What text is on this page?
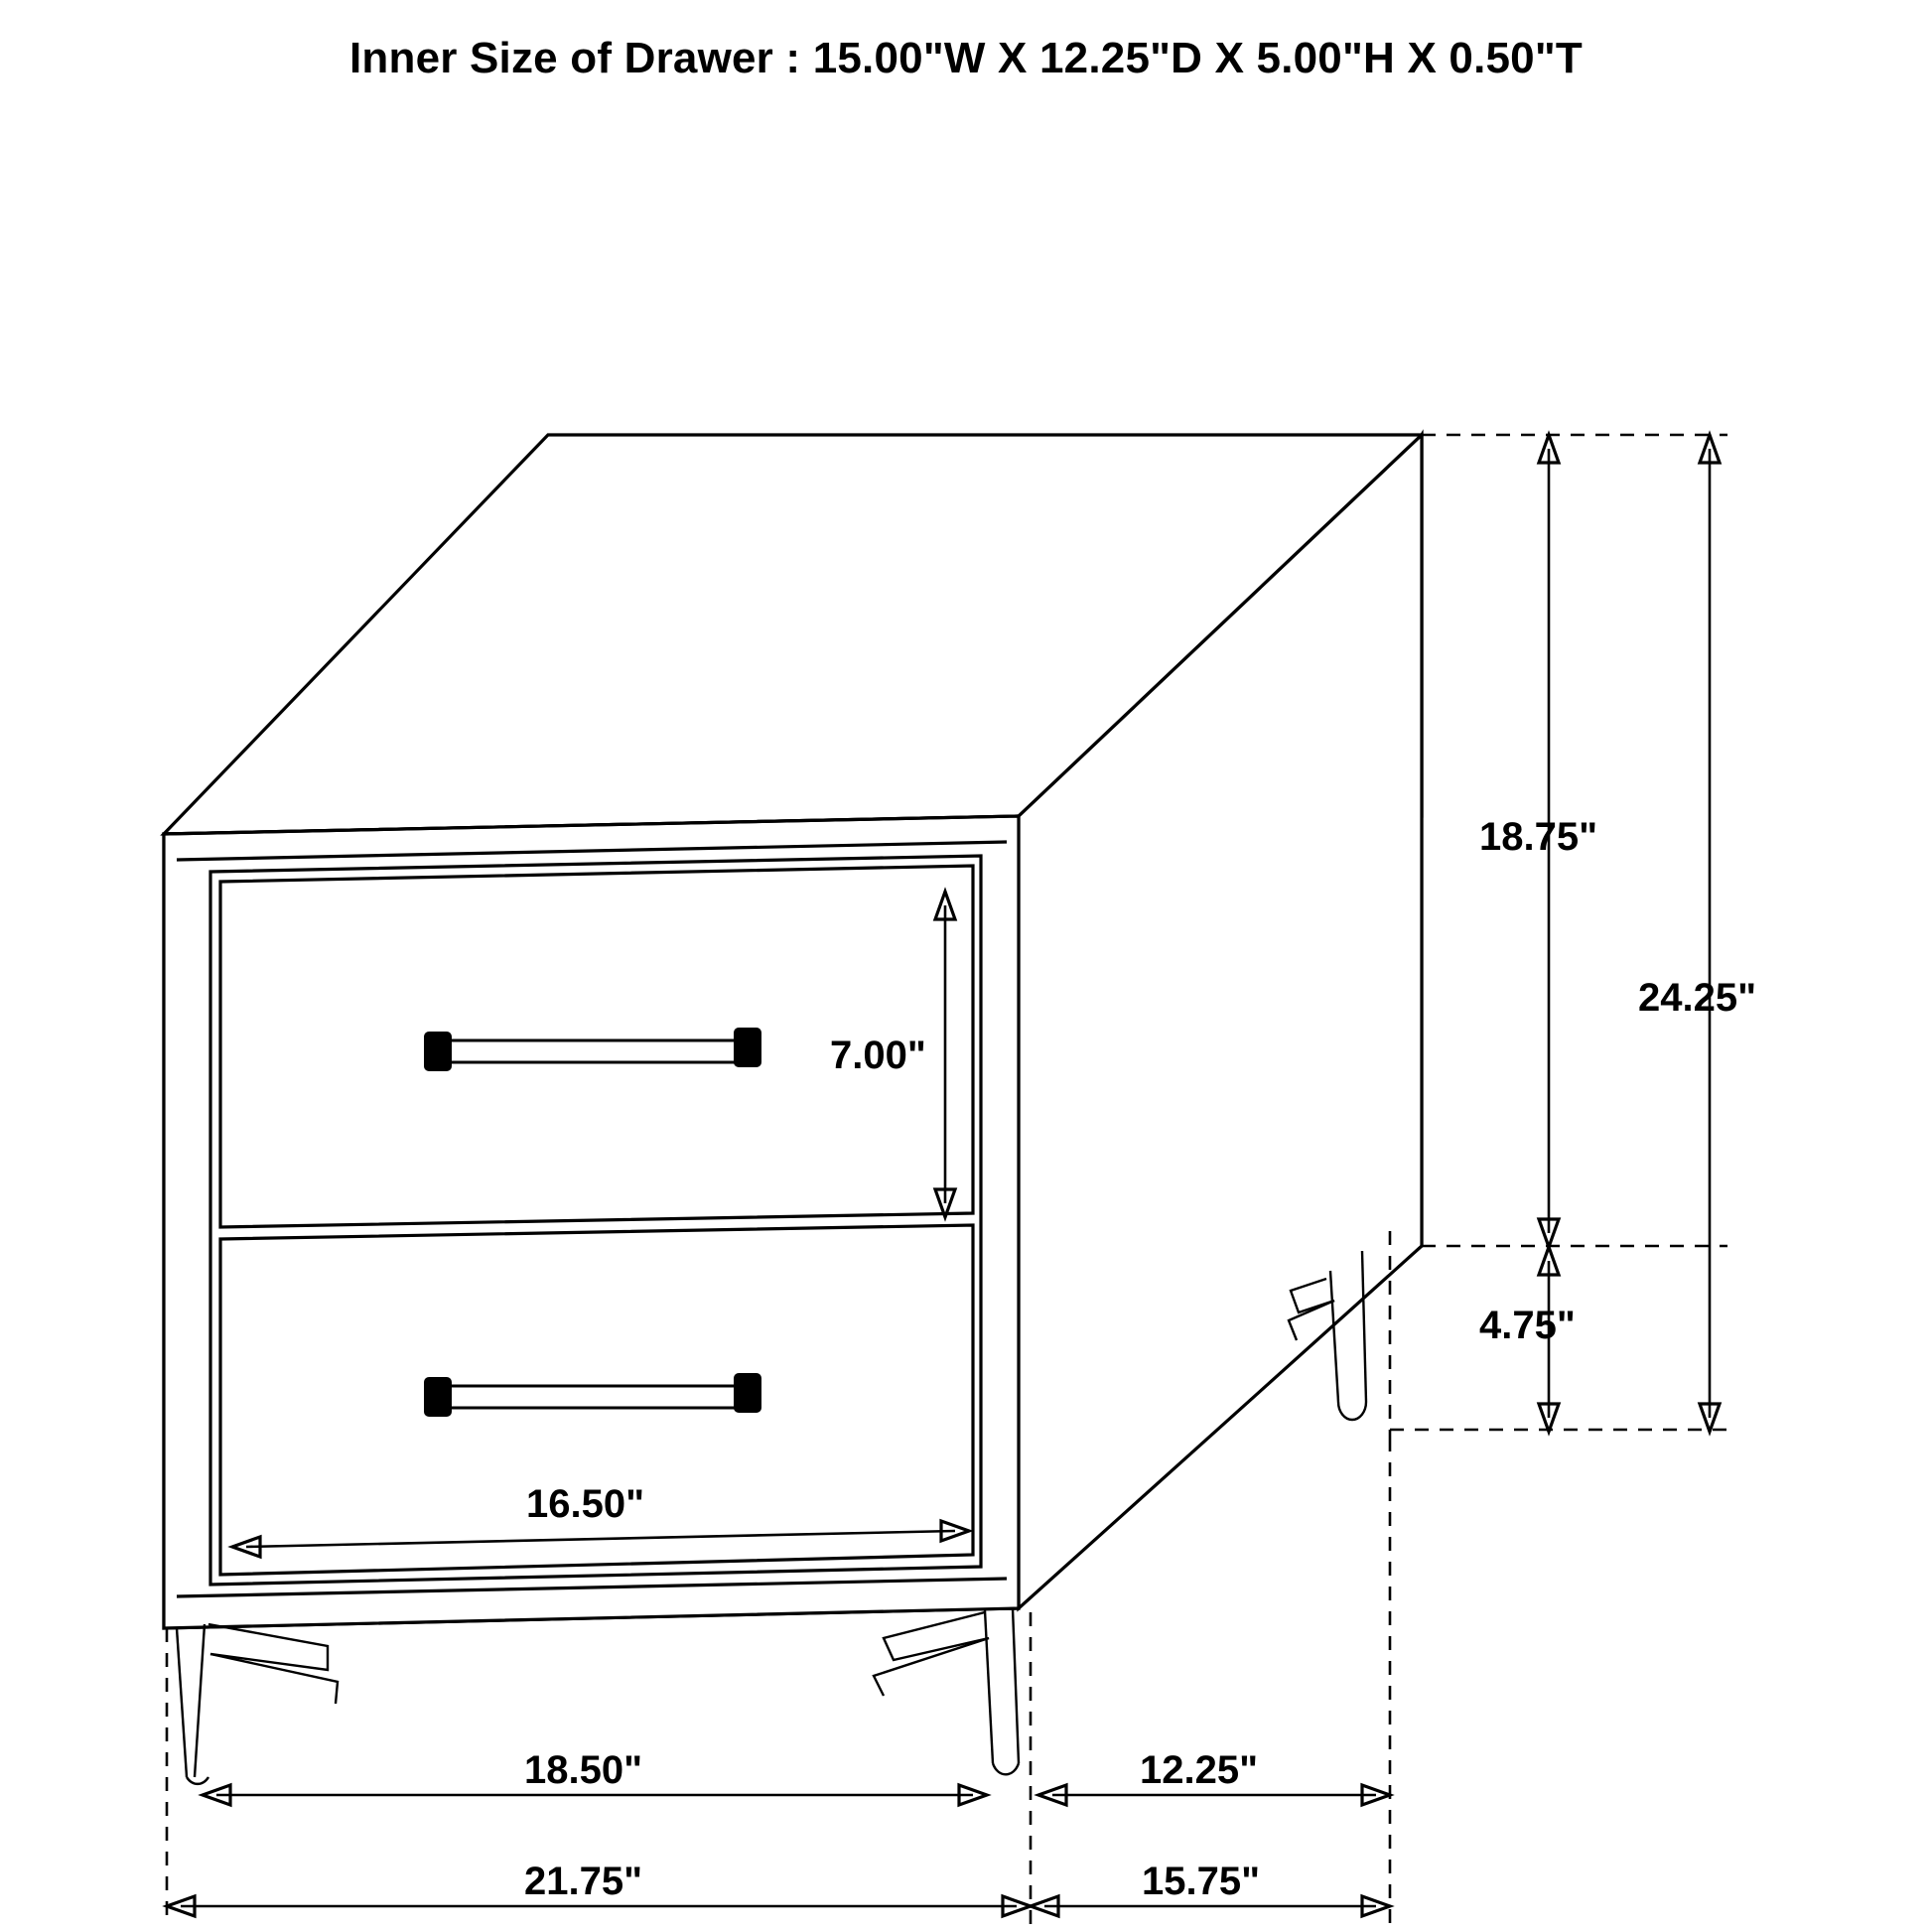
Inner Size of Drawer : 15.00"W X 12.25"D X 5.00"H X 0.50"T
7.00"
16.50"
18.75"
4.75"
24.25"
18.50"	12.25"
21.75"	15.75"
